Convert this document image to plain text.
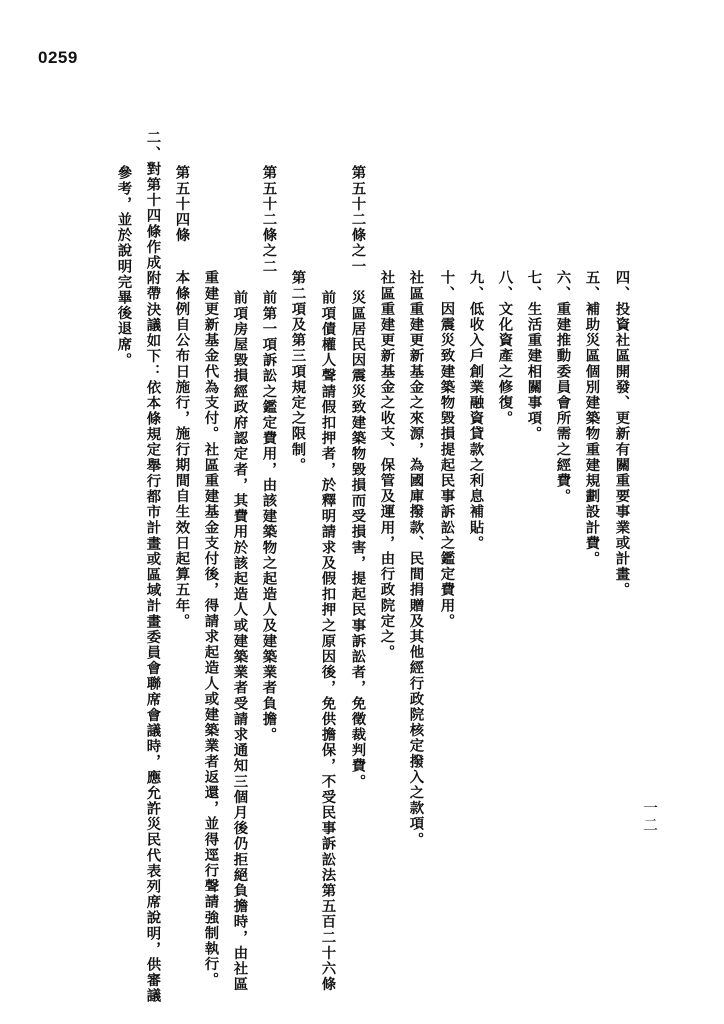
0259
一二
四、投資社區開發、更新有關重要事業或計畫。
五、補助災區個別建築物重建規劃設計費。
六、重建推動委員會所需之經費。
七、生活重建相關事項。
八、文化資產之修復。
九、低收入戶創業融資貸款之利息補貼。
十、因震災致建築物毀損提起民事訴訟之鑑定費用。
社區重建更新基金之來源，為國庫撥款、民間捐贈及其他經行政院核定撥入之款項。
社區重建更新基金之收支、保管及運用，由行政院定之。
第五十二條之一
災區居民因震災致建築物毀損而受損害，提起民事訴訟者，免徵裁判費。
前項債權人聲請假扣押者，於釋明請求及假扣押之原因後，免供擔保，不受民事訴訟法第五百二十六條
第二項及第三項規定之限制。
第五十二條之二
前第一項訴訟之鑑定費用，由該建築物之起造人及建築業者負擔。
前項房屋毀損經政府認定者，其費用於該起造人或建築業者受請求通知三個月後仍拒絕負擔時，由社區
重建更新基金代為支付。社區重建基金支付後，得請求起造人或建築業者返還，並得逕行聲請強制執行。
第五十四條
本條例自公布日施行，施行期間自生效日起算五年。
二、對第十四條作成附帶決議如下：依本條規定舉行都市計畫或區域計畫委員會聯席會議時，應允許災民代表列席說明，供審議
參考，並於說明完畢後退席。
